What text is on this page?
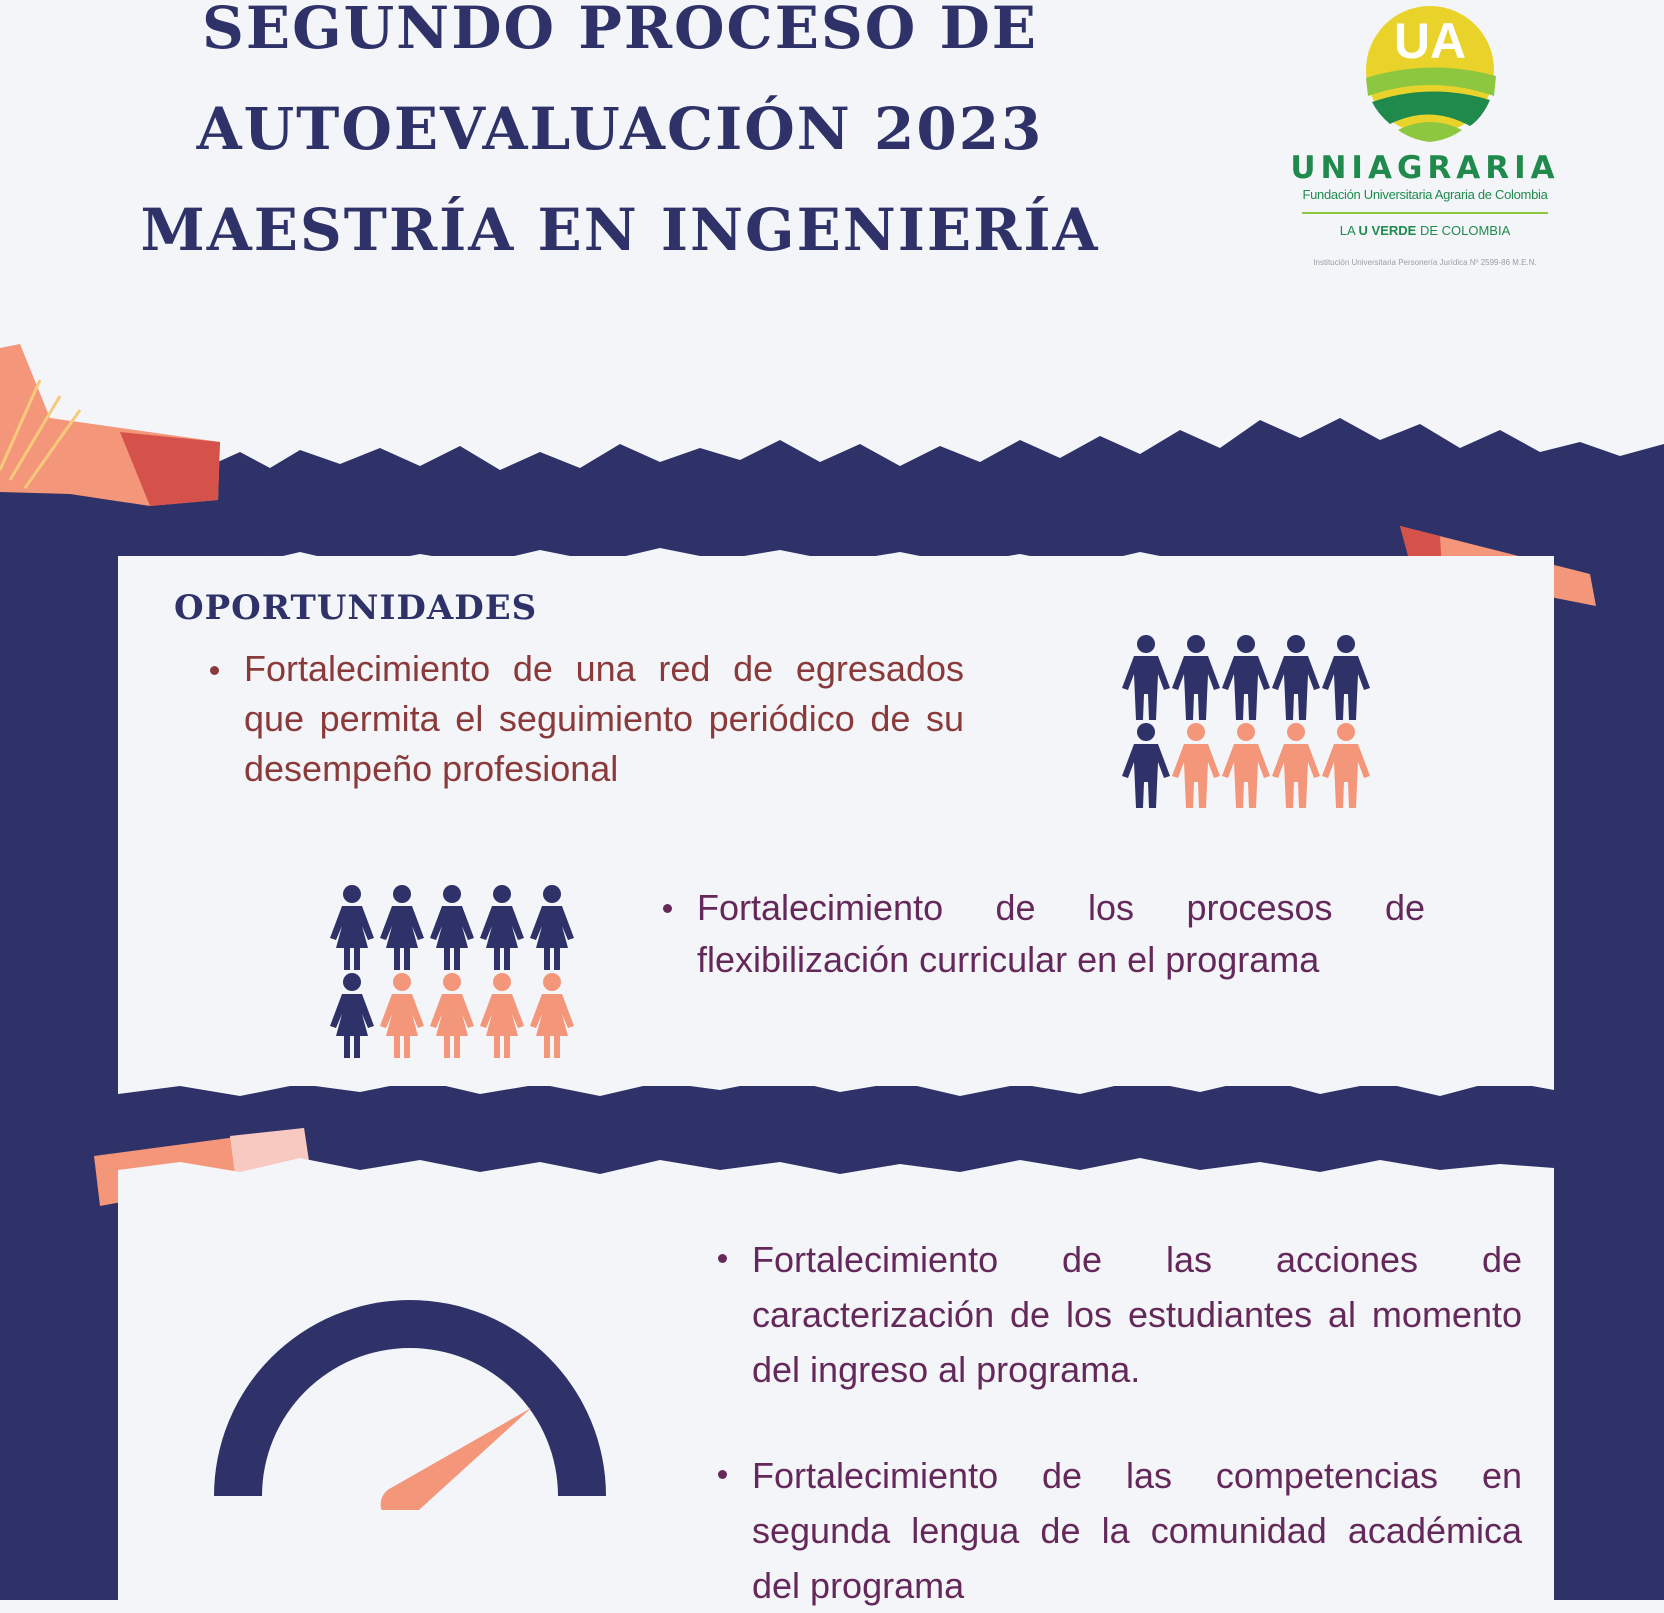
SEGUNDO PROCESO DE
AUTOEVALUACIÓN 2023
MAESTRÍA EN INGENIERÍA
UA
UNIAGRARIA
Fundación Universitaria Agraria de Colombia
LA U VERDE DE COLOMBIA
Institución Universitaria Personería Jurídica Nº 2599-86 M.E.N.
OPORTUNIDADES
Fortalecimiento de una red de egresados que permita el seguimiento periódico de su desempeño profesional
Fortalecimiento de los procesos de flexibilización curricular en el programa
Fortalecimiento de las acciones de caracterización de los estudiantes al momento del ingreso al programa.
Fortalecimiento de las competencias en segunda lengua de la comunidad académica del programa
